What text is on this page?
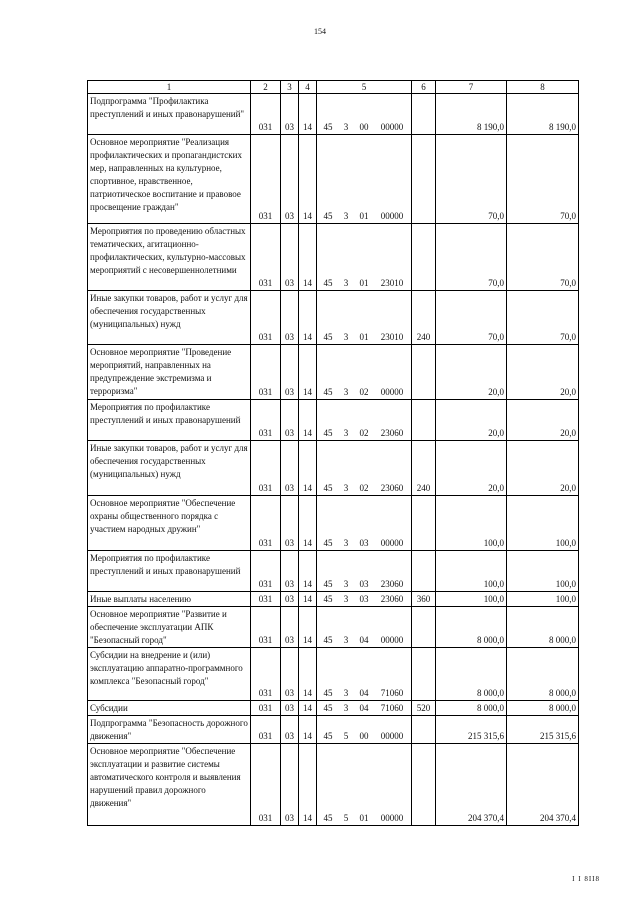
154
1	2	3	4	5	6	7	8
Подпрограмма "Профилактика преступлений и иных правонарушений"	031	03	14	45 3 00 00000		8 190,0	8 190,0
Основное мероприятие "Реализация профилактических и пропагандистских мер, направленных на культурное, спортивное, нравственное, патриотическое воспитание и правовое просвещение граждан"	031	03	14	45 3 01 00000		70,0	70,0
Мероприятия по проведению областных тематических, агитационно-профилактических, культурно-массовых мероприятий с несовершеннолетними	031	03	14	45 3 01 23010		70,0	70,0
Иные закупки товаров, работ и услуг для обеспечения государственных (муниципальных) нужд	031	03	14	45 3 01 23010	240	70,0	70,0
Основное мероприятие "Проведение мероприятий, направленных на предупреждение экстремизма и терроризма"	031	03	14	45 3 02 00000		20,0	20,0
Мероприятия по профилактике преступлений и иных правонарушений	031	03	14	45 3 02 23060		20,0	20,0
Иные закупки товаров, работ и услуг для обеспечения государственных (муниципальных) нужд	031	03	14	45 3 02 23060	240	20,0	20,0
Основное мероприятие "Обеспечение охраны общественного порядка с участием народных дружин"	031	03	14	45 3 03 00000		100,0	100,0
Мероприятия по профилактике преступлений и иных правонарушений	031	03	14	45 3 03 23060		100,0	100,0
Иные выплаты населению	031	03	14	45 3 03 23060	360	100,0	100,0
Основное мероприятие "Развитие и обеспечение эксплуатации АПК "Безопасный город"	031	03	14	45 3 04 00000		8 000,0	8 000,0
Субсидии на внедрение и (или) эксплуатацию аппаратно-программного комплекса "Безопасный город"	031	03	14	45 3 04 71060		8 000,0	8 000,0
Субсидии	031	03	14	45 3 04 71060	520	8 000,0	8 000,0
Подпрограмма "Безопасность дорожного движения"	031	03	14	45 5 00 00000		215 315,6	215 315,6
Основное мероприятие "Обеспечение эксплуатации и развитие системы автоматического контроля и выявления нарушений правил дорожного движения"	031	03	14	45 5 01 00000		204 370,4	204 370,4
I I 8II8
